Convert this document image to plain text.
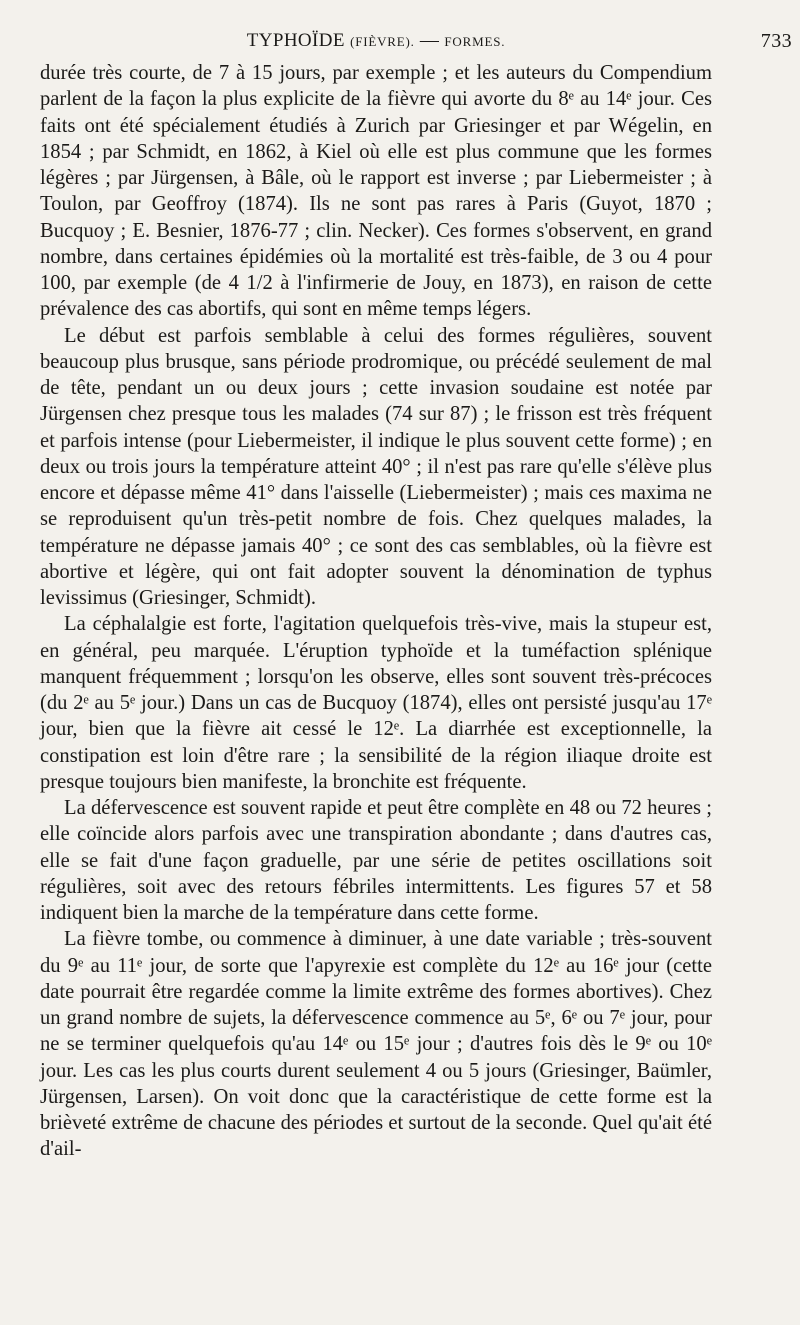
TYPHOÏDE (FIÈVRE). — FORMES.	733

durée très courte, de 7 à 15 jours, par exemple ; et les auteurs du Compendium parlent de la façon la plus explicite de la fièvre qui avorte du 8ᵉ au 14ᵉ jour. Ces faits ont été spécialement étudiés à Zurich par Griesinger et par Wégelin, en 1854 ; par Schmidt, en 1862, à Kiel où elle est plus commune que les formes légères ; par Jürgensen, à Bâle, où le rapport est inverse ; par Liebermeister ; à Toulon, par Geoffroy (1874). Ils ne sont pas rares à Paris (Guyot, 1870 ; Bucquoy ; E. Besnier, 1876-77 ; clin. Necker). Ces formes s'observent, en grand nombre, dans certaines épidémies où la mortalité est très-faible, de 3 ou 4 pour 100, par exemple (de 4 1/2 à l'infirmerie de Jouy, en 1873), en raison de cette prévalence des cas abortifs, qui sont en même temps légers.

Le début est parfois semblable à celui des formes régulières, souvent beaucoup plus brusque, sans période prodromique, ou précédé seulement de mal de tête, pendant un ou deux jours ; cette invasion soudaine est notée par Jürgensen chez presque tous les malades (74 sur 87) ; le frisson est très fréquent et parfois intense (pour Liebermeister, il indique le plus souvent cette forme) ; en deux ou trois jours la température atteint 40° ; il n'est pas rare qu'elle s'élève plus encore et dépasse même 41° dans l'aisselle (Liebermeister) ; mais ces maxima ne se reproduisent qu'un très-petit nombre de fois. Chez quelques malades, la température ne dépasse jamais 40° ; ce sont des cas semblables, où la fièvre est abortive et légère, qui ont fait adopter souvent la dénomination de typhus levissimus (Griesinger, Schmidt).

La céphalalgie est forte, l'agitation quelquefois très-vive, mais la stupeur est, en général, peu marquée. L'éruption typhoïde et la tuméfaction splénique manquent fréquemment ; lorsqu'on les observe, elles sont souvent très-précoces (du 2ᵉ au 5ᵉ jour.) Dans un cas de Bucquoy (1874), elles ont persisté jusqu'au 17ᵉ jour, bien que la fièvre ait cessé le 12ᵉ. La diarrhée est exceptionnelle, la constipation est loin d'être rare ; la sensibilité de la région iliaque droite est presque toujours bien manifeste, la bronchite est fréquente.

La défervescence est souvent rapide et peut être complète en 48 ou 72 heures ; elle coïncide alors parfois avec une transpiration abondante ; dans d'autres cas, elle se fait d'une façon graduelle, par une série de petites oscillations soit régulières, soit avec des retours fébriles intermittents. Les figures 57 et 58 indiquent bien la marche de la température dans cette forme.

La fièvre tombe, ou commence à diminuer, à une date variable ; très-souvent du 9ᵉ au 11ᵉ jour, de sorte que l'apyrexie est complète du 12ᵉ au 16ᵉ jour (cette date pourrait être regardée comme la limite extrême des formes abortives). Chez un grand nombre de sujets, la défervescence commence au 5ᵉ, 6ᵉ ou 7ᵉ jour, pour ne se terminer quelquefois qu'au 14ᵉ ou 15ᵉ jour ; d'autres fois dès le 9ᵉ ou 10ᵉ jour. Les cas les plus courts durent seulement 4 ou 5 jours (Griesinger, Baümler, Jürgensen, Larsen). On voit donc que la caractéristique de cette forme est la brièveté extrême de chacune des périodes et surtout de la seconde. Quel qu'ait été d'ail-
